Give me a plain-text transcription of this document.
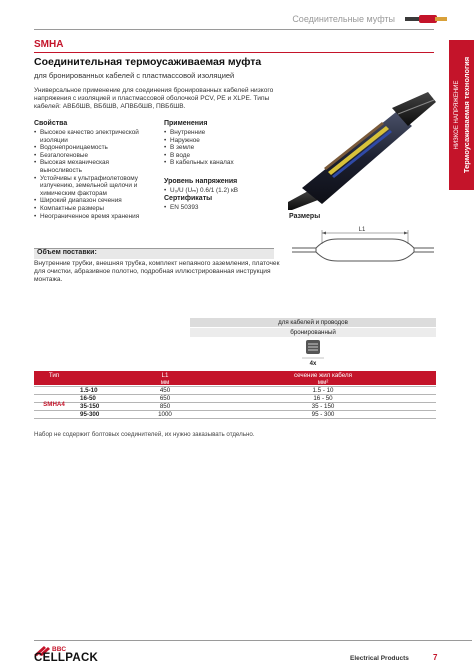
Соединительные муфты
НИЗКОЕ НАПРЯЖЕНИЕ Термоусаживаемая технология
SMHA
Соединительная термоусаживаемая муфта
для бронированных кабелей с пластмассовой изоляцией
Универсальное применение для соединения бронированных кабелей низкого напряжения с изоляцией и пластмассовой оболочкой PCV, PE и XLPE. Типы кабелей: АВБбШВ, ВБбШВ, АПВБбШВ, ПВБбШВ.
Свойства
• Высокое качество электрической изоляции
• Водонепроницаемость
• Безгалогеновые
• Высокая механическая выносливость
• Устойчивы к ультрафиолетовому излучению, земельной щелочи и химическим факторам
• Широкий диапазон сечения
• Компактные размеры
• Неограниченное время хранения
Применения
• Внутренние
• Наружное
• В земле
• В воде
• В кабельных каналах
Уровень напряжения
• U₀/U (Uₘ) 0.6/1 (1.2) кВ
Сертификаты
• EN 50393
Размеры
L1
Объем поставки:
Внутренние трубки, внешняя трубка, комплект непаяного заземления, платочек для очистки, абразивное полотно, подробная иллюстрированная инструкция монтажа.
для кабелей и проводов
бронированный
4x
Тип	L1
мм
сечение жил кабеля
мм²
1.5-10	450	1.5 - 10
16-50	650	16 - 50
35-150	850	35 - 150
95-300	1000	95 - 300
SMHA4
Набор не содержит болтовых соединителей, их нужно заказывать отдельно.
BBC
CELLPACK	Electrical Products	7
